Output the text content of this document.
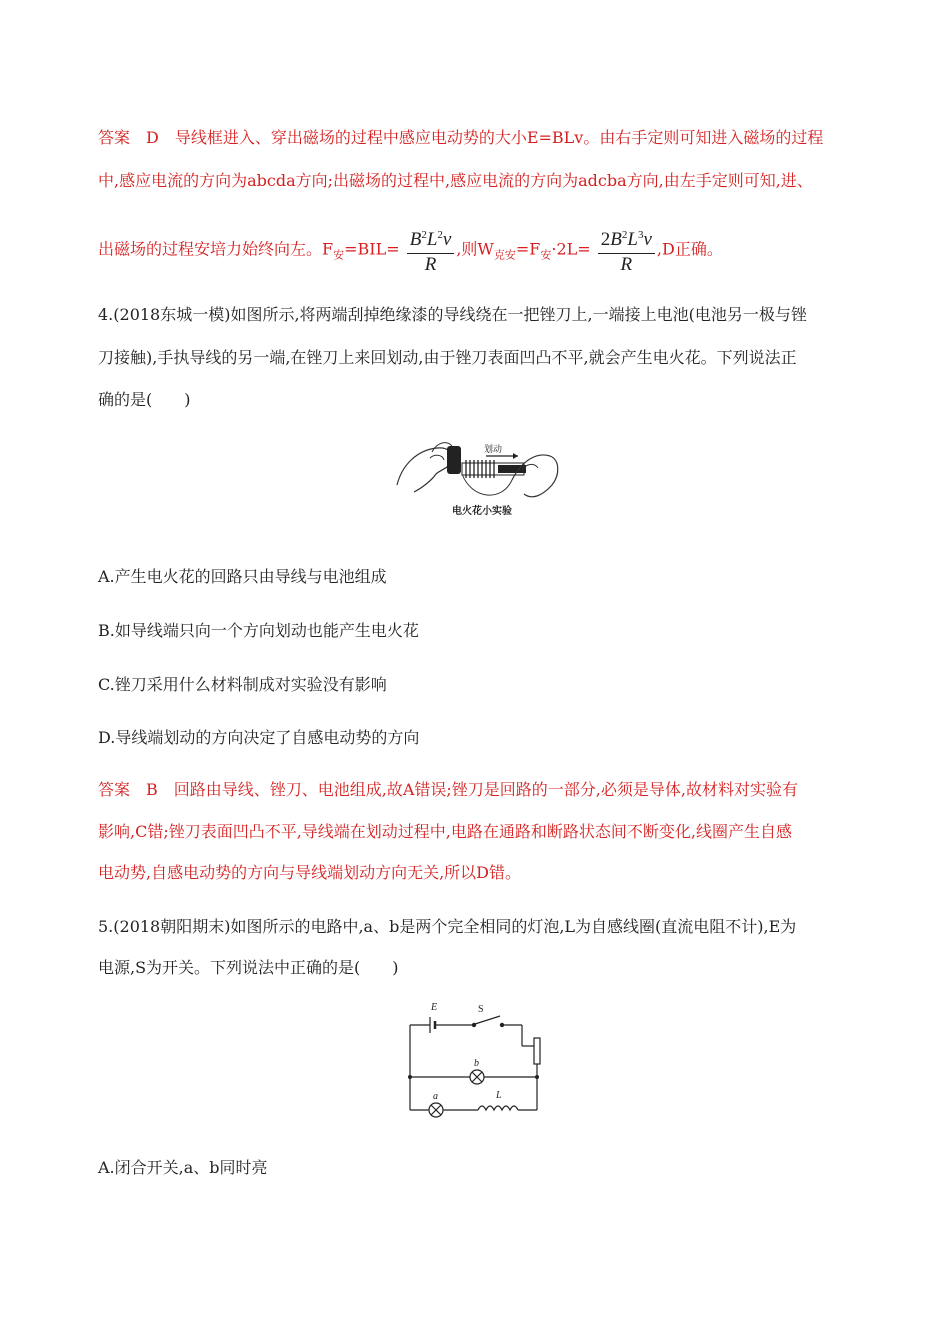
答案　D　导线框进入、穿出磁场的过程中感应电动势的大小E=BLv。由右手定则可知进入磁场的过程
中,感应电流的方向为abcda方向;出磁场的过程中,感应电流的方向为adcba方向,由左手定则可知,进、
出磁场的过程安培力始终向左。$F_安=BIL= \frac{B^2L^2v}{R}$ ,则$W_{克安}=F_安\cdot 2L= \frac{2B^2L^3v}{R} ,D$正确。
4.(2018东城一模)如图所示,将两端刮掉绝缘漆的导线绕在一把锉刀上,一端接上电池(电池另一极与锉
刀接触),手执导线的另一端,在锉刀上来回划动,由于锉刀表面凹凸不平,就会产生电火花。下列说法正
确的是(　　)
划动
电火花小实验
A.产生电火花的回路只由导线与电池组成
B.如导线端只向一个方向划动也能产生电火花
C.锉刀采用什么材料制成对实验没有影响
D.导线端划动的方向决定了自感电动势的方向
答案　B　回路由导线、锉刀、电池组成,故A错误;锉刀是回路的一部分,必须是导体,故材料对实验有
影响,C错;锉刀表面凹凸不平,导线端在划动过程中,电路在通路和断路状态间不断变化,线圈产生自感
电动势,自感电动势的方向与导线端划动方向无关,所以D错。
5.(2018朝阳期末)如图所示的电路中,a、b是两个完全相同的灯泡,L为自感线圈(直流电阻不计),E为
电源,S为开关。下列说法中正确的是(　　)
E	S
b
a	L
A.闭合开关,a、b同时亮
